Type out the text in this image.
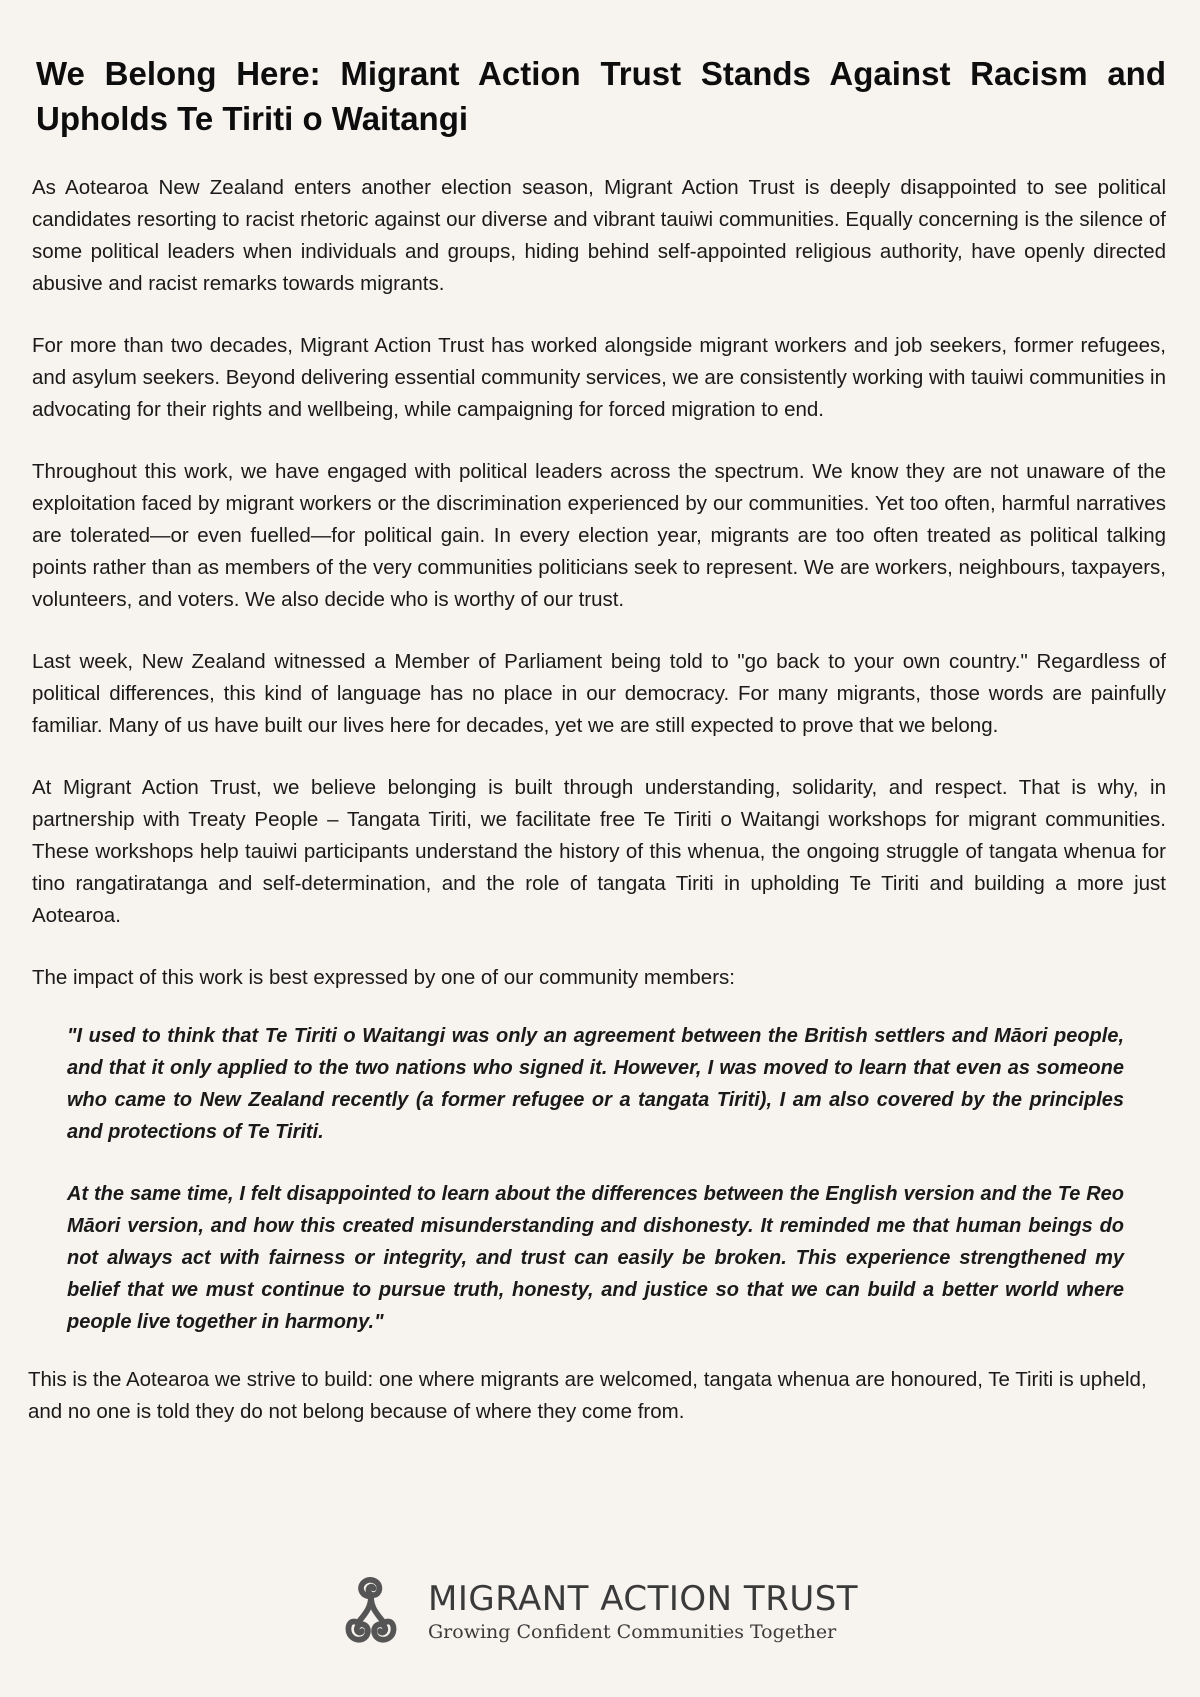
We Belong Here: Migrant Action Trust Stands Against Racism and Upholds Te Tiriti o Waitangi

As Aotearoa New Zealand enters another election season, Migrant Action Trust is deeply disappointed to see political candidates resorting to racist rhetoric against our diverse and vibrant tauiwi communities. Equally concerning is the silence of some political leaders when individuals and groups, hiding behind self-appointed religious authority, have openly directed abusive and racist remarks towards migrants.

For more than two decades, Migrant Action Trust has worked alongside migrant workers and job seekers, former refugees, and asylum seekers. Beyond delivering essential community services, we are consistently working with tauiwi communities in advocating for their rights and wellbeing, while campaigning for forced migration to end.

Throughout this work, we have engaged with political leaders across the spectrum. We know they are not unaware of the exploitation faced by migrant workers or the discrimination experienced by our communities. Yet too often, harmful narratives are tolerated—or even fuelled—for political gain. In every election year, migrants are too often treated as political talking points rather than as members of the very communities politicians seek to represent. We are workers, neighbours, taxpayers, volunteers, and voters. We also decide who is worthy of our trust.

Last week, New Zealand witnessed a Member of Parliament being told to "go back to your own country." Regardless of political differences, this kind of language has no place in our democracy. For many migrants, those words are painfully familiar. Many of us have built our lives here for decades, yet we are still expected to prove that we belong.

At Migrant Action Trust, we believe belonging is built through understanding, solidarity, and respect. That is why, in partnership with Treaty People – Tangata Tiriti, we facilitate free Te Tiriti o Waitangi workshops for migrant communities. These workshops help tauiwi participants understand the history of this whenua, the ongoing struggle of tangata whenua for tino rangatiratanga and self-determination, and the role of tangata Tiriti in upholding Te Tiriti and building a more just Aotearoa.

The impact of this work is best expressed by one of our community members:

"I used to think that Te Tiriti o Waitangi was only an agreement between the British settlers and Māori people, and that it only applied to the two nations who signed it. However, I was moved to learn that even as someone who came to New Zealand recently (a former refugee or a tangata Tiriti), I am also covered by the principles and protections of Te Tiriti.

At the same time, I felt disappointed to learn about the differences between the English version and the Te Reo Māori version, and how this created misunderstanding and dishonesty. It reminded me that human beings do not always act with fairness or integrity, and trust can easily be broken. This experience strengthened my belief that we must continue to pursue truth, honesty, and justice so that we can build a better world where people live together in harmony."

This is the Aotearoa we strive to build: one where migrants are welcomed, tangata whenua are honoured, Te Tiriti is upheld, and no one is told they do not belong because of where they come from.

MIGRANT ACTION TRUST
Growing Confident Communities Together
